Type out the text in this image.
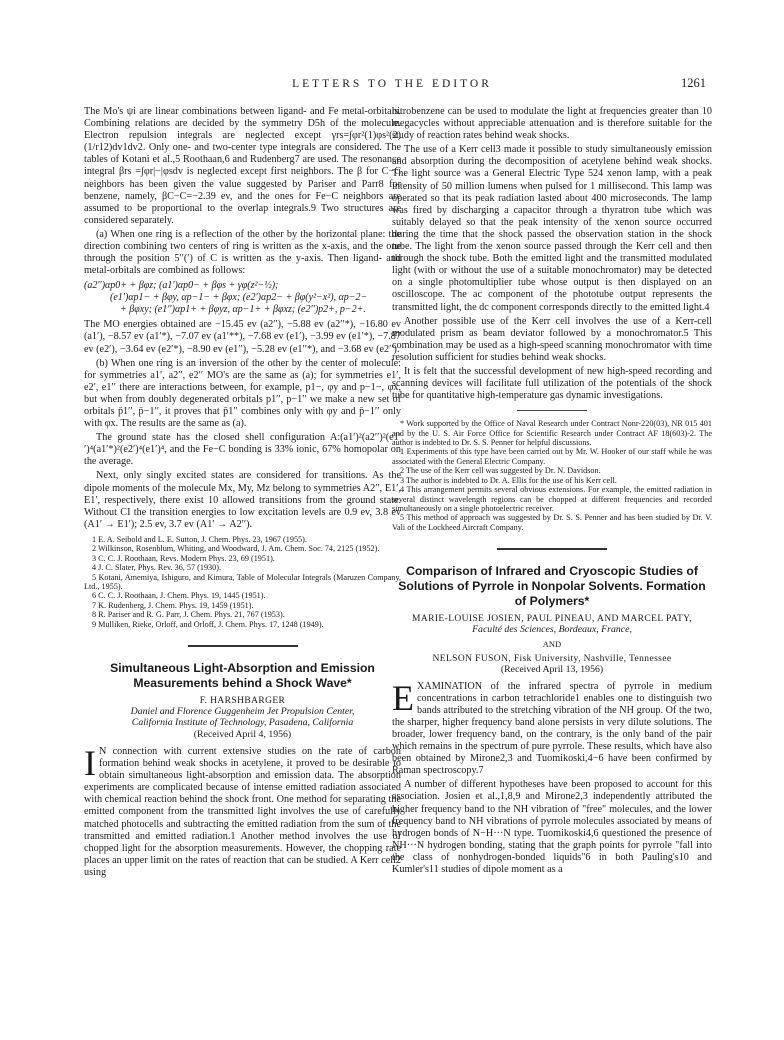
LETTERS TO THE EDITOR	1261

The Mo's ψi are linear combinations between ligand- and Fe metal-orbitals. Combining relations are decided by the symmetry D5h of the molecule. Electron repulsion integrals are neglected except γrs=∫φr²(1)φs²(2)(1/r12)dv1dv2. Only one- and two-center type integrals are considered. The tables of Kotani et al.,5 Roothaan,6 and Rudenberg7 are used. The resonance integral βrs =∫φr|−|φsdv is neglected except first neighbors. The β for C−C neighbors has been given the value suggested by Pariser and Parr8 for benzene, namely, βC−C=−2.39 ev, and the ones for Fe−C neighbors are assumed to be proportional to the overlap integrals.9 Two structures are considered separately.

(a) When one ring is a reflection of the other by the horizontal plane: the direction combining two centers of ring is written as the x-axis, and the one through the position 5′′(′) of C is written as the y-axis. Then ligand- and metal-orbitals are combined as follows:

(a2′′)αp0+ + βφz; (a1′)αp0− + βφs + γφ(z²−½);
(e1′)αp1− + βφy, αp−1− + βφx; (e2′)αp2− + βφ(y²−x²), αp−2−
+ βφxy; (e1′′)αp1+ + βφyz, αp−1+ + βφxz; (e2′′)p2+, p−2+.

The MO energies obtained are −15.45 ev (a2′′), −5.88 ev (a2′′*), −16.80 ev (a1′), −8.57 ev (a1′*), −7.07 ev (a1′**), −7.68 ev (e1′), −3.99 ev (e1′*), −7.87 ev (e2′), −3.64 ev (e2′*), −8.90 ev (e1′′), −5.28 ev (e1′′*), and −3.68 ev (e2′′).

(b) When one ring is an inversion of the other by the center of molecule: for symmetries a1′, a2′′, e2′′ MO's are the same as (a); for symmetries e1′, e2′, e1′′ there are interactions between, for example, p1−, φy and p−1−, φx, but when from doubly degenerated orbitals p1′′, p−1′′ we make a new set of orbitals p̄1′′, p̄−1′′, it proves that p̄1′′ combines only with φy and p̄−1′′ only with φx. The results are the same as (a).

The ground state has the closed shell configuration A:(a1′)²(a2′′)²(e1′′)⁴(a1′*)²(e2′)⁴(e1′)⁴, and the Fe−C bonding is 33% ionic, 67% homopolar on the average.

Next, only singly excited states are considered for transitions. As the dipole moments of the molecule Mx, My, Mz belong to symmetries A2′′, E1′, E1′, respectively, there exist 10 allowed transitions from the ground state. Without CI the transition energies to low excitation levels are 0.9 ev, 3.8 ev (A1′ → E1′); 2.5 ev, 3.7 ev (A1′ → A2′′).

1 E. A. Seibold and L. E. Sutton, J. Chem. Phys. 23, 1967 (1955).
2 Wilkinson, Rosenblum, Whiting, and Woodward, J. Am. Chem. Soc. 74, 2125 (1952).
3 C. C. J. Roothaan, Revs. Modern Phys. 23, 69 (1951).
4 J. C. Slater, Phys. Rev. 36, 57 (1930).
5 Kotani, Amemiya, Ishiguro, and Kimura, Table of Molecular Integrals (Maruzen Company, Ltd., 1955).
6 C. C. J. Roothaan, J. Chem. Phys. 19, 1445 (1951).
7 K. Rudenberg, J. Chem. Phys. 19, 1459 (1951).
8 R. Pariser and R. G. Parr, J. Chem. Phys. 21, 767 (1953).
9 Mulliken, Rieke, Orloff, and Orloff, J. Chem. Phys. 17, 1248 (1949).
Simultaneous Light-Absorption and Emission Measurements behind a Shock Wave*
F. HARSHBARGER
Daniel and Florence Guggenheim Jet Propulsion Center,
California Institute of Technology, Pasadena, California
(Received April 4, 1956)

I N connection with current extensive studies on the rate of carbon formation behind weak shocks in acetylene, it proved to be desirable to obtain simultaneous light-absorption and emission data. The absorption experiments are complicated because of intense emitted radiation associated with chemical reaction behind the shock front. One method for separating the emitted component from the transmitted light involves the use of carefully matched photocells and subtracting the emitted radiation from the sum of the transmitted and emitted radiation.1 Another method involves the use of chopped light for the absorption measurements. However, the chopping rate places an upper limit on the rates of reaction that can be studied. A Kerr cell2 using

nitrobenzene can be used to modulate the light at frequencies greater than 10 megacycles without appreciable attenuation and is therefore suitable for the study of reaction rates behind weak shocks.

The use of a Kerr cell3 made it possible to study simultaneously emission and absorption during the decomposition of acetylene behind weak shocks. The light source was a General Electric Type 524 xenon lamp, with a peak intensity of 50 million lumens when pulsed for 1 millisecond. This lamp was operated so that its peak radiation lasted about 400 microseconds. The lamp was fired by discharging a capacitor through a thyratron tube which was suitably delayed so that the peak intensity of the xenon source occurred during the time that the shock passed the observation station in the shock tube. The light from the xenon source passed through the Kerr cell and then through the shock tube. Both the emitted light and the transmitted modulated light (with or without the use of a suitable monochromator) may be detected on a single photomultiplier tube whose output is then displayed on an oscilloscope. The ac component of the phototube output represents the transmitted light, the dc component corresponds directly to the emitted light.4

Another possible use of the Kerr cell involves the use of a Kerr-cell modulated prism as beam deviator followed by a monochromator.5 This combination may be used as a high-speed scanning monochromator with time resolution sufficient for studies behind weak shocks.

It is felt that the successful development of new high-speed recording and scanning devices will facilitate full utilization of the potentials of the shock tube for quantitative high-temperature gas dynamic investigations.

* Work supported by the Office of Naval Research under Contract Nonr-220(03), NR 015 401 and by the U. S. Air Force Office for Scientific Research under Contract AF 18(603)-2. The author is indebted to Dr. S. S. Penner for helpful discussions.
1 Experiments of this type have been carried out by Mr. W. Hooker of our staff while he was associated with the General Electric Company.
2 The use of the Kerr cell was suggested by Dr. N. Davidson.
3 The author is indebted to Dr. A. Ellis for the use of his Kerr cell.
4 This arrangement permits several obvious extensions. For example, the emitted radiation in several distinct wavelength regions can be chopped at different frequencies and recorded simultaneously on a single photoelectric receiver.
5 This method of approach was suggested by Dr. S. S. Penner and has been studied by Dr. V. Vali of the Lockheed Aircraft Company.
Comparison of Infrared and Cryoscopic Studies of Solutions of Pyrrole in Nonpolar Solvents. Formation of Polymers*
MARIE-LOUISE JOSIEN, PAUL PINEAU, AND MARCEL PATY,
Faculté des Sciences, Bordeaux, France,
AND
NELSON FUSON, Fisk University, Nashville, Tennessee
(Received April 13, 1956)

E XAMINATION of the infrared spectra of pyrrole in medium concentrations in carbon tetrachloride1 enables one to distinguish two bands attributed to the stretching vibration of the NH group. Of the two, the sharper, higher frequency band alone persists in very dilute solutions. The broader, lower frequency band, on the contrary, is the only band of the pair which remains in the spectrum of pure pyrrole. These results, which have also been obtained by Mirone2,3 and Tuomikoski,4−6 have been confirmed by Raman spectroscopy.7

A number of different hypotheses have been proposed to account for this association. Josien et al.,1,8,9 and Mirone2,3 independently attributed the higher frequency band to the NH vibration of "free" molecules, and the lower frequency band to NH vibrations of pyrrole molecules associated by means of hydrogen bonds of N−H···N type. Tuomikoski4,6 questioned the presence of NH···N hydrogen bonding, stating that the graph points for pyrrole "fall into the class of nonhydrogen-bonded liquids"6 in both Pauling's10 and Kumler's11 studies of dipole moment as a
